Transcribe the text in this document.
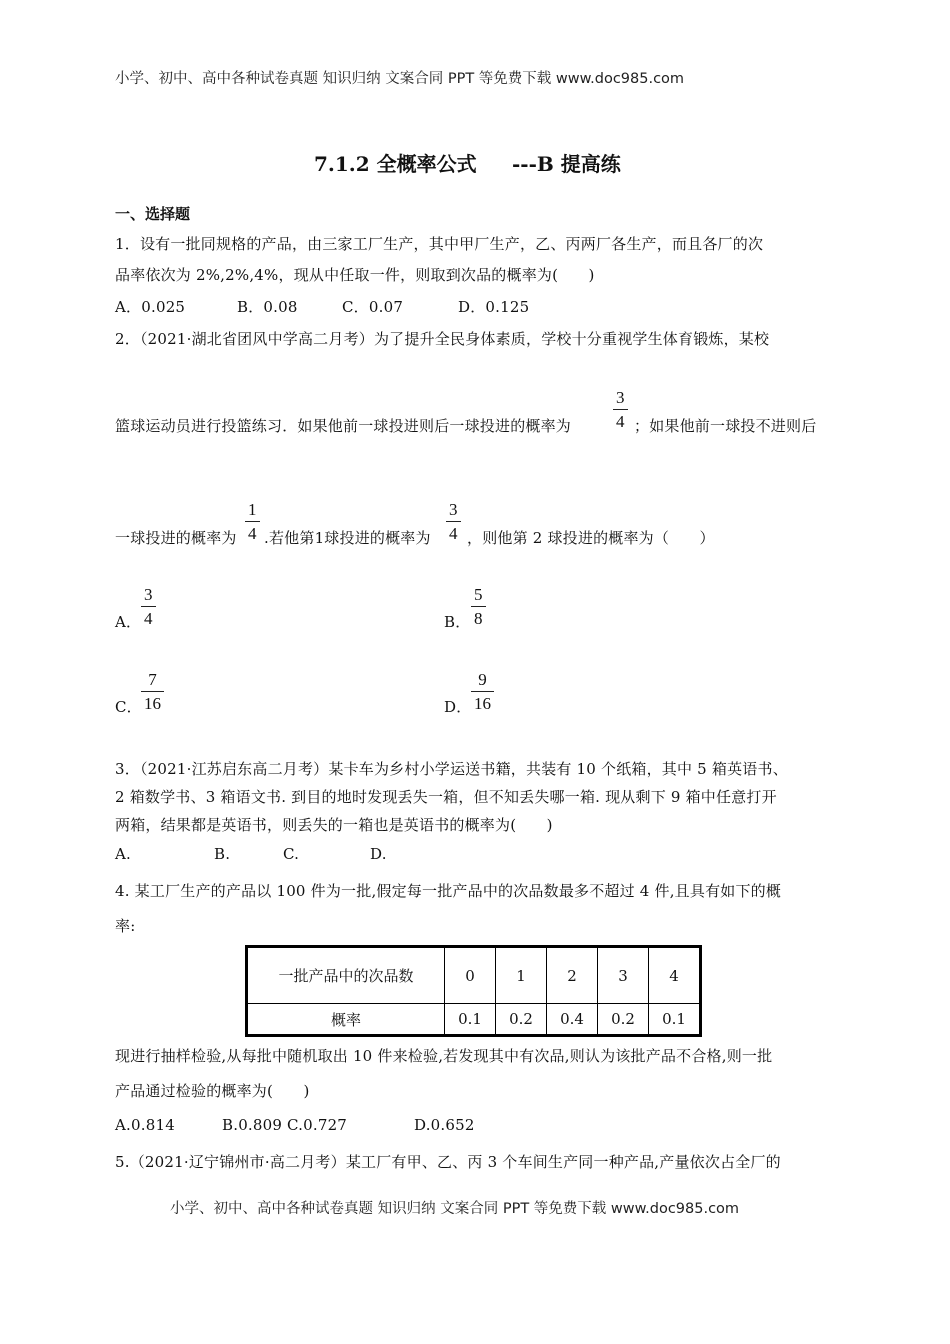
小学、初中、高中各种试卷真题 知识归纳 文案合同 PPT 等免费下载 www.doc985.com
7.1.2 全概率公式 ---B 提高练
一、选择题
1．设有一批同规格的产品，由三家工厂生产，其中甲厂生产，乙、丙两厂各生产，而且各厂的次
品率依次为 2%,2%,4%，现从中任取一件，则取到次品的概率为(　　)
A．0.025	B．0.08	C．0.07	D．0.125
2．（2021·湖北省团风中学高二月考）为了提升全民身体素质，学校十分重视学生体育锻炼，某校
篮球运动员进行投篮练习．如果他前一球投进则后一球投进的概率为
3
4 ；如果他前一球投不进则后
一球投进的概率为
1
4 .若他第1球投进的概率为
3
4 ，则他第 2 球投进的概率为（　　）
A．
3
4	B．
5
8
C．
7
16	D．
9
16
3．（2021·江苏启东高二月考）某卡车为乡村小学运送书籍，共装有 10 个纸箱，其中 5 箱英语书、
2 箱数学书、3 箱语文书. 到目的地时发现丢失一箱，但不知丢失哪一箱. 现从剩下 9 箱中任意打开
两箱，结果都是英语书，则丢失的一箱也是英语书的概率为(　　)
A.	B.	C.	D.
4. 某工厂生产的产品以 100 件为一批,假定每一批产品中的次品数最多不超过 4 件,且具有如下的概
率:
一批产品中的次品数	0	1	2	3	4
概率	0.1	0.2	0.4	0.2	0.1
现进行抽样检验,从每批中随机取出 10 件来检验,若发现其中有次品,则认为该批产品不合格,则一批
产品通过检验的概率为(　　)
A.0.814	B.0.809 C.0.727	D.0.652
5.（2021·辽宁锦州市·高二月考）某工厂有甲、乙、丙 3 个车间生产同一种产品,产量依次占全厂的
小学、初中、高中各种试卷真题 知识归纳 文案合同 PPT 等免费下载 www.doc985.com
